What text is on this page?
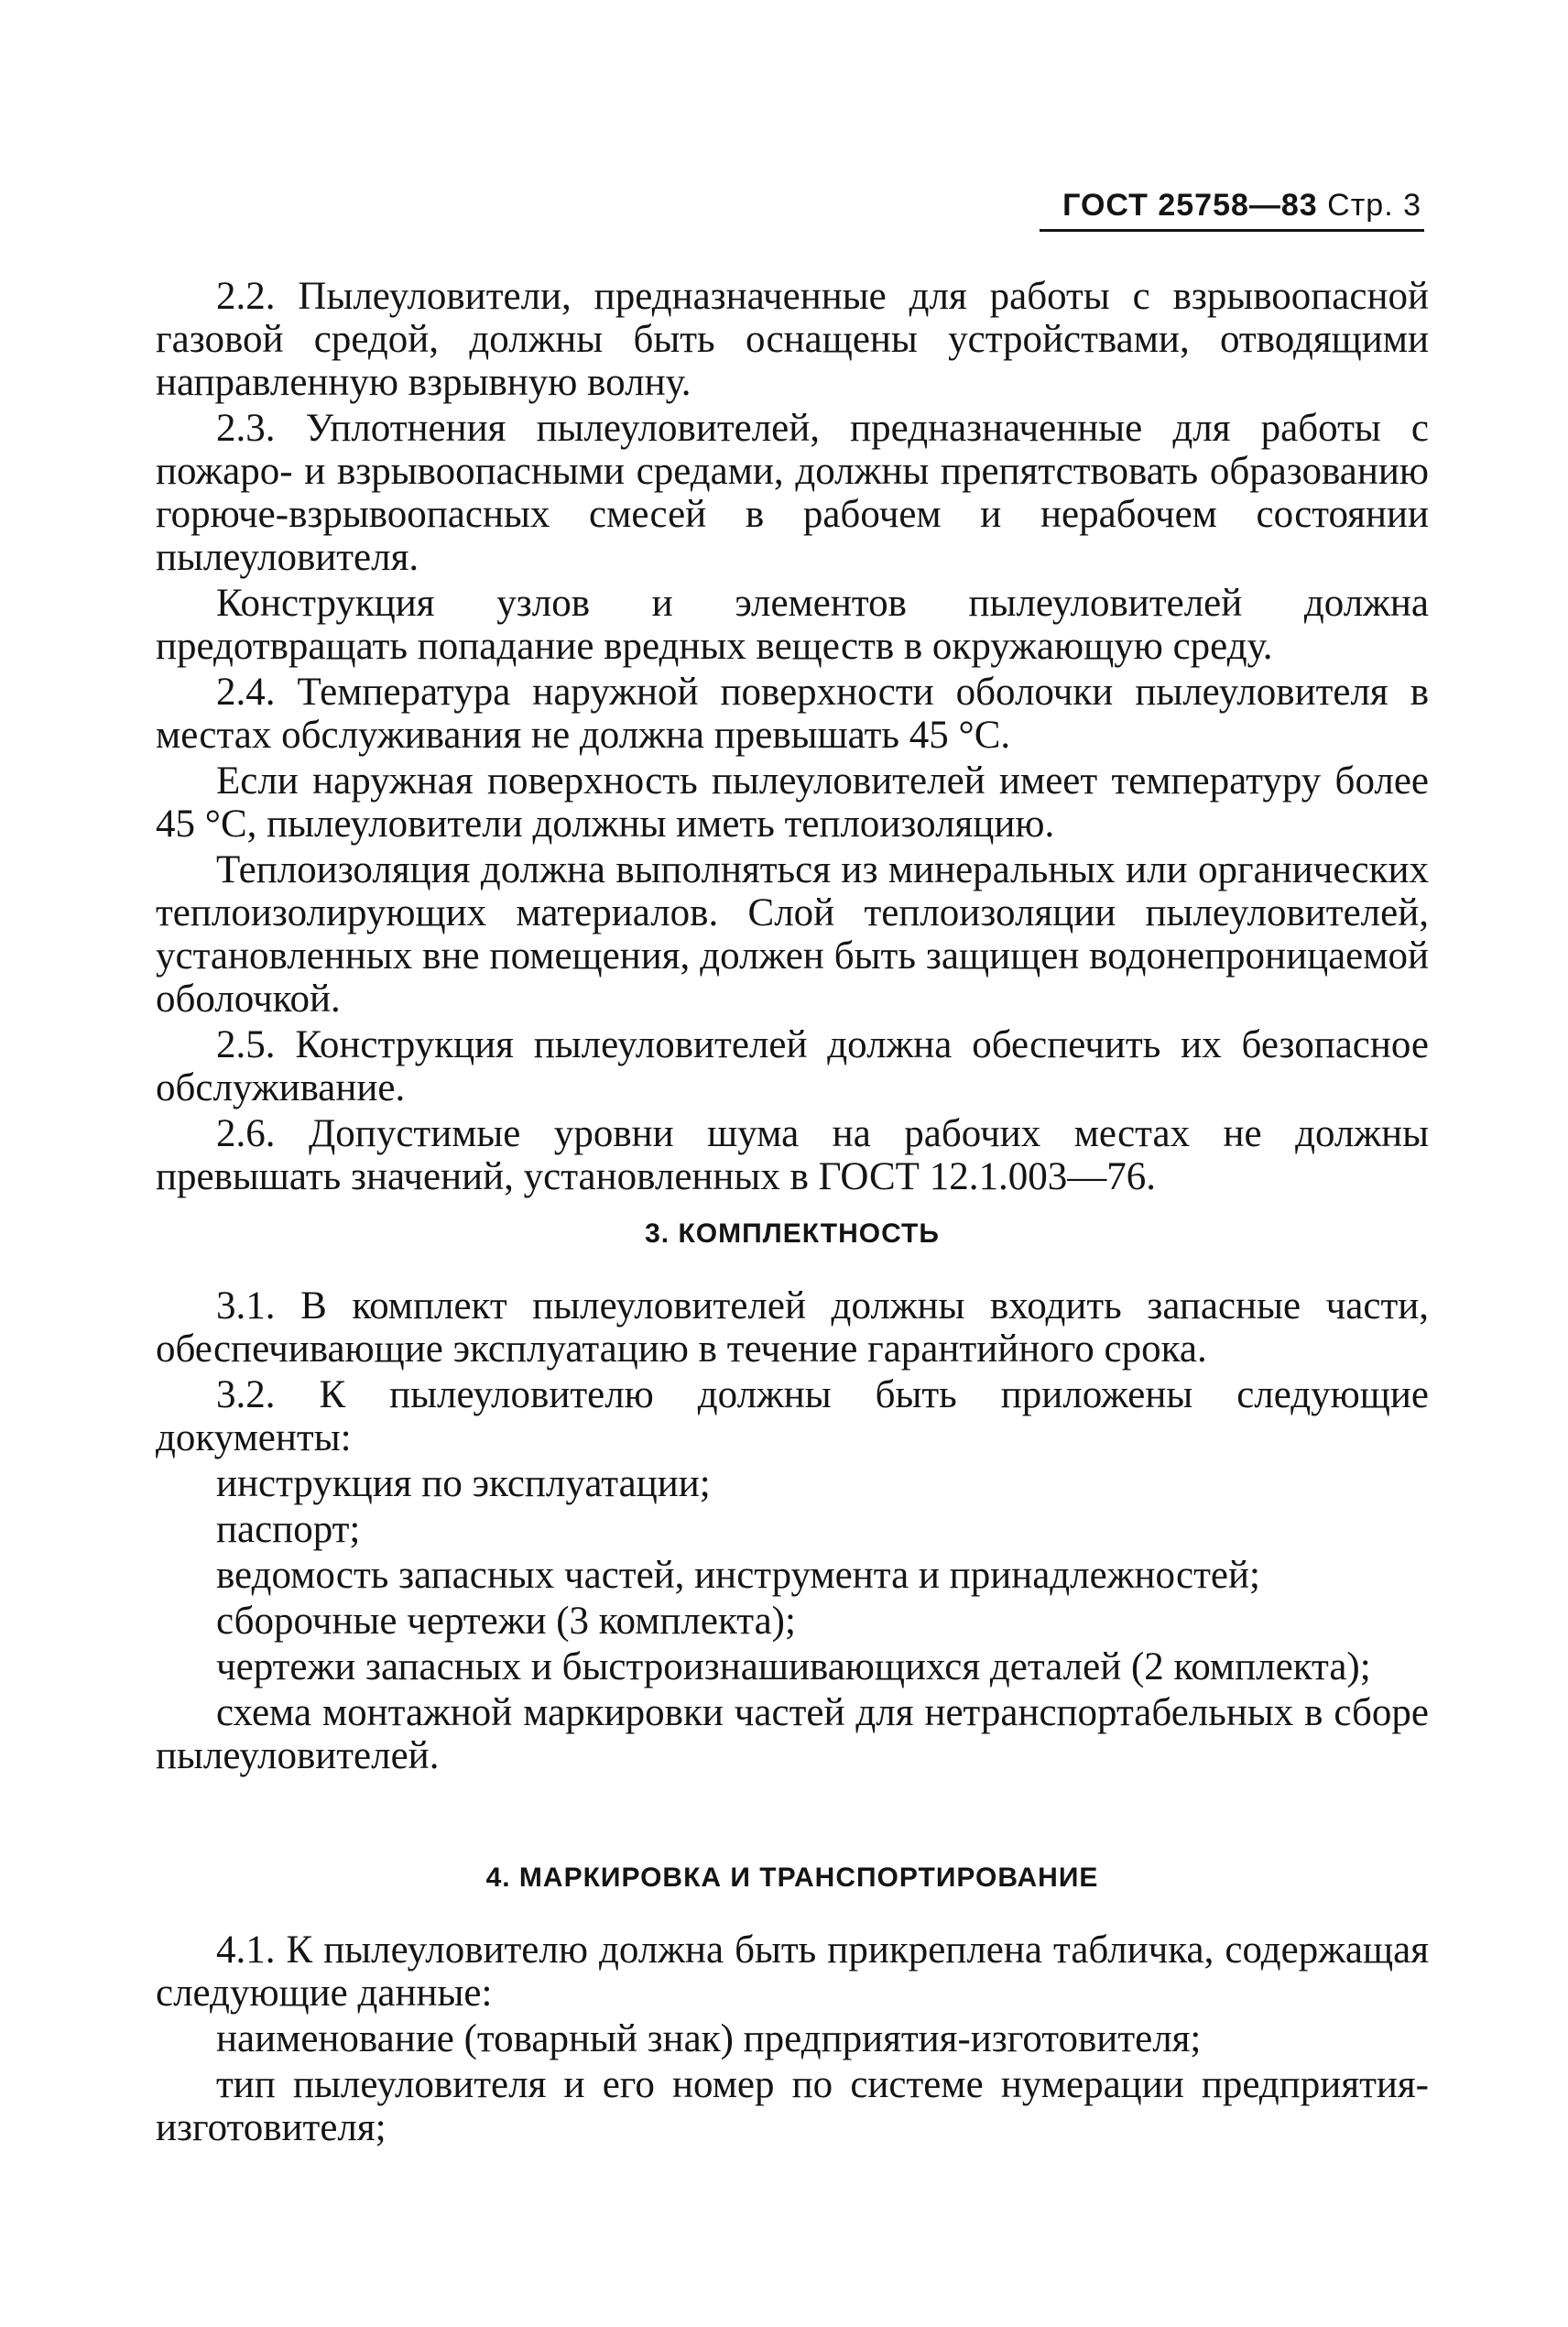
ГОСТ 25758—83 Стр. 3

2.2. Пылеуловители, предназначенные для работы с взрывоопасной газовой средой, должны быть оснащены устройствами, отводящими направленную взрывную волну.

2.3. Уплотнения пылеуловителей, предназначенные для работы с пожаро- и взрывоопасными средами, должны препятствовать образованию горюче-взрывоопасных смесей в рабочем и нерабочем состоянии пылеуловителя.

Конструкция узлов и элементов пылеуловителей должна предотвращать попадание вредных веществ в окружающую среду.

2.4. Температура наружной поверхности оболочки пылеуловителя в местах обслуживания не должна превышать 45 °С.

Если наружная поверхность пылеуловителей имеет температуру более 45 °С, пылеуловители должны иметь теплоизоляцию.

Теплоизоляция должна выполняться из минеральных или органических теплоизолирующих материалов. Слой теплоизоляции пылеуловителей, установленных вне помещения, должен быть защищен водонепроницаемой оболочкой.

2.5. Конструкция пылеуловителей должна обеспечить их безопасное обслуживание.

2.6. Допустимые уровни шума на рабочих местах не должны превышать значений, установленных в ГОСТ 12.1.003—76.

3. КОМПЛЕКТНОСТЬ

3.1. В комплект пылеуловителей должны входить запасные части, обеспечивающие эксплуатацию в течение гарантийного срока.

3.2. К пылеуловителю должны быть приложены следующие документы:

инструкция по эксплуатации;

паспорт;

ведомость запасных частей, инструмента и принадлежностей;

сборочные чертежи (3 комплекта);

чертежи запасных и быстроизнашивающихся деталей (2 комплекта);

схема монтажной маркировки частей для нетранспортабельных в сборе пылеуловителей.

4. МАРКИРОВКА И ТРАНСПОРТИРОВАНИЕ

4.1. К пылеуловителю должна быть прикреплена табличка, содержащая следующие данные:

наименование (товарный знак) предприятия-изготовителя;

тип пылеуловителя и его номер по системе нумерации предприятия-изготовителя;
